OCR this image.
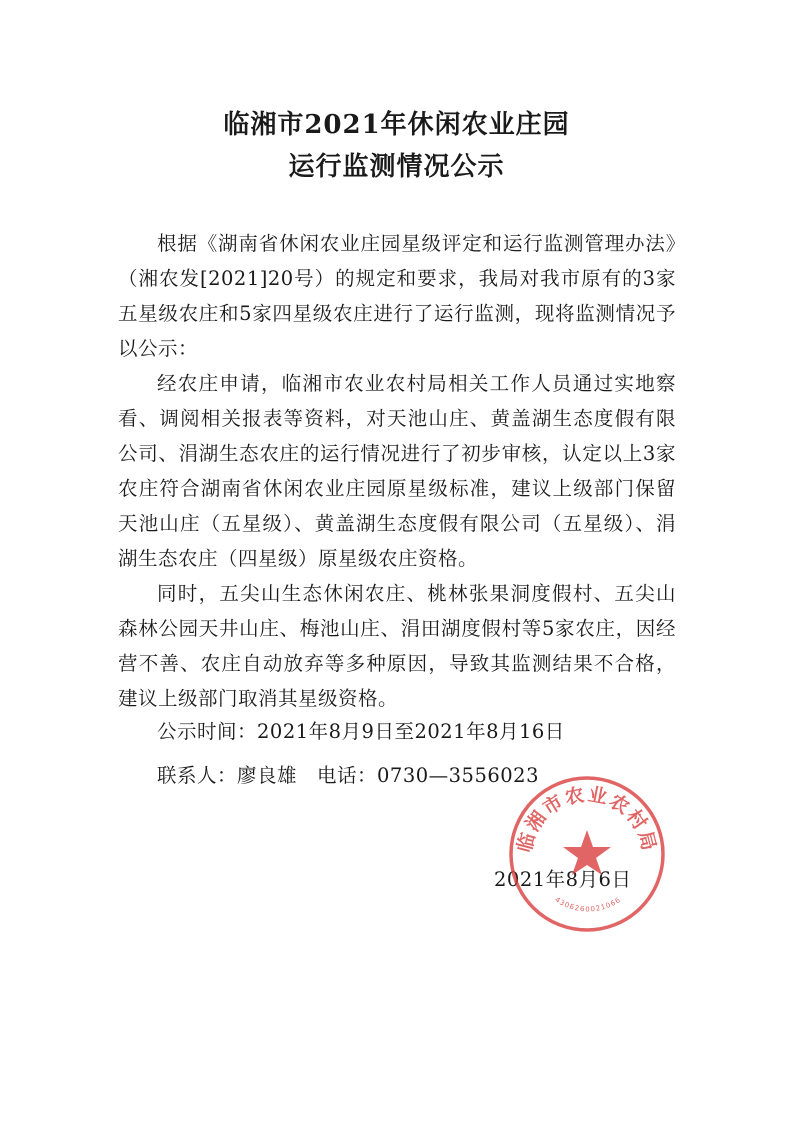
临湘市2021年休闲农业庄园
运行监测情况公示

根据《湖南省休闲农业庄园星级评定和运行监测管理办法》（湘农发[2021]20号）的规定和要求，我局对我市原有的3家五星级农庄和5家四星级农庄进行了运行监测，现将监测情况予以公示：

经农庄申请，临湘市农业农村局相关工作人员通过实地察看、调阅相关报表等资料，对天池山庄、黄盖湖生态度假有限公司、涓湖生态农庄的运行情况进行了初步审核，认定以上3家农庄符合湖南省休闲农业庄园原星级标准，建议上级部门保留天池山庄（五星级）、黄盖湖生态度假有限公司（五星级）、涓湖生态农庄（四星级）原星级农庄资格。

同时，五尖山生态休闲农庄、桃林张果洞度假村、五尖山森林公园天井山庄、梅池山庄、涓田湖度假村等5家农庄，因经营不善、农庄自动放弃等多种原因，导致其监测结果不合格，建议上级部门取消其星级资格。

公示时间：2021年8月9日至2021年8月16日
联系人：廖良雄　电话：0730—3556023
2021年8月6日
临湘市农业农村局
4306260021066
